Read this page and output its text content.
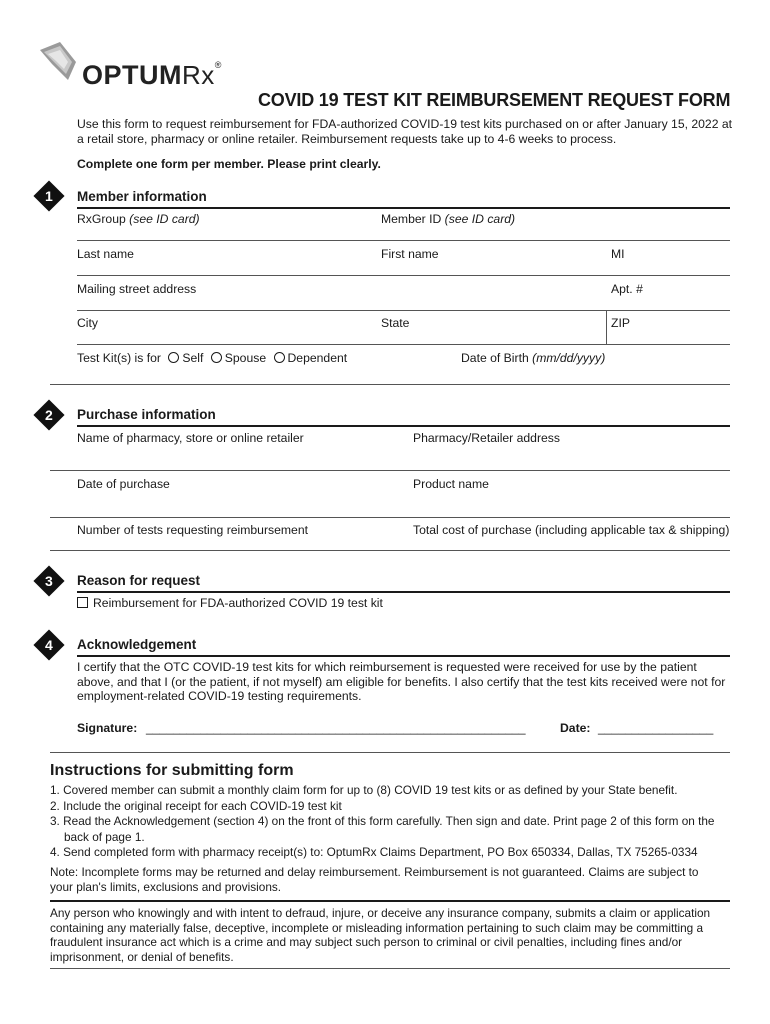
OPTUMRx®
COVID 19 TEST KIT REIMBURSEMENT REQUEST FORM
Use this form to request reimbursement for FDA-authorized COVID-19 test kits purchased on or after January 15, 2022 at a retail store, pharmacy or online retailer. Reimbursement requests take up to 4-6 weeks to process.
Complete one form per member. Please print clearly.
1	Member information
RxGroup (see ID card)	Member ID (see ID card)
Last name	First name	MI
Mailing street address	Apt. #
City	State	ZIP
Test Kit(s) is for Self Spouse Dependent	Date of Birth (mm/dd/yyyy)
2	Purchase information
Name of pharmacy, store or online retailer	Pharmacy/Retailer address
Date of purchase	Product name
Number of tests requesting reimbursement	Total cost of purchase (including applicable tax & shipping)
3	Reason for request
Reimbursement for FDA-authorized COVID 19 test kit
4	Acknowledgement
I certify that the OTC COVID-19 test kits for which reimbursement is requested were received for use by the patient above, and that I (or the patient, if not myself) am eligible for benefits. I also certify that the test kits received were not for employment-related COVID-19 testing requirements.
Signature: ________________________________________________________	Date: _________________
Instructions for submitting form
1. Covered member can submit a monthly claim form for up to (8) COVID 19 test kits or as defined by your State benefit.
2. Include the original receipt for each COVID-19 test kit
3. Read the Acknowledgement (section 4) on the front of this form carefully. Then sign and date. Print page 2 of this form on the
back of page 1.
4. Send completed form with pharmacy receipt(s) to: OptumRx Claims Department, PO Box 650334, Dallas, TX 75265-0334
Note: Incomplete forms may be returned and delay reimbursement. Reimbursement is not guaranteed. Claims are subject to your plan's limits, exclusions and provisions.
Any person who knowingly and with intent to defraud, injure, or deceive any insurance company, submits a claim or application containing any materially false, deceptive, incomplete or misleading information pertaining to such claim may be committing a fraudulent insurance act which is a crime and may subject such person to criminal or civil penalties, including fines and/or imprisonment, or denial of benefits.
